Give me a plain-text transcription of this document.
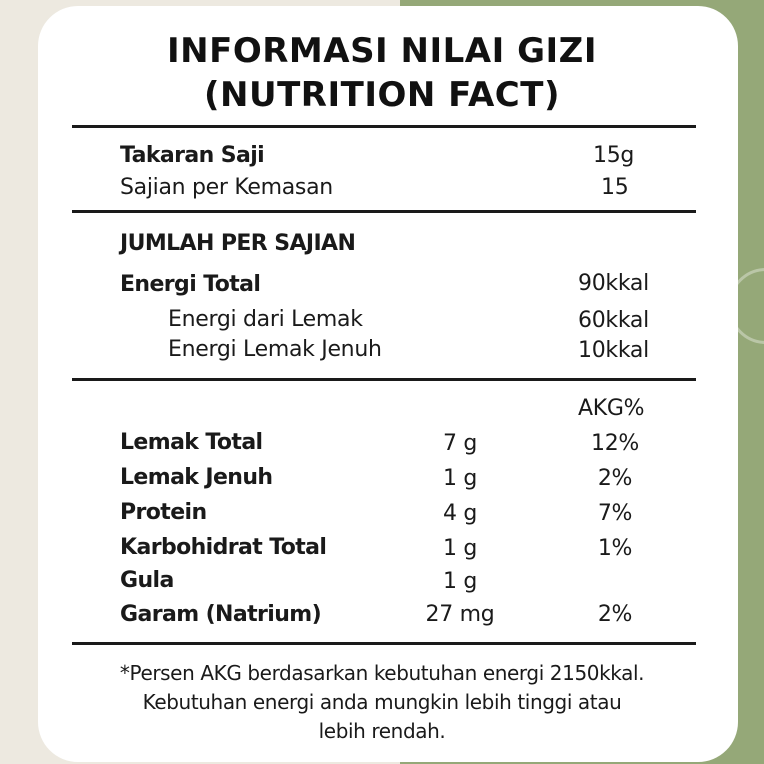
INFORMASI NILAI GIZI
(NUTRITION FACT)
Takaran Saji	15g
Sajian per Kemasan	15
JUMLAH PER SAJIAN
Energi Total	90kkal
Energi dari Lemak	60kkal
Energi Lemak Jenuh	10kkal
AKG%
Lemak Total	7 g	12%
Lemak Jenuh	1 g	2%
Protein	4 g	7%
Karbohidrat Total	1 g	1%
Gula	1 g
Garam (Natrium)	27 mg	2%
*Persen AKG berdasarkan kebutuhan energi 2150kkal.
Kebutuhan energi anda mungkin lebih tinggi atau
lebih rendah.
